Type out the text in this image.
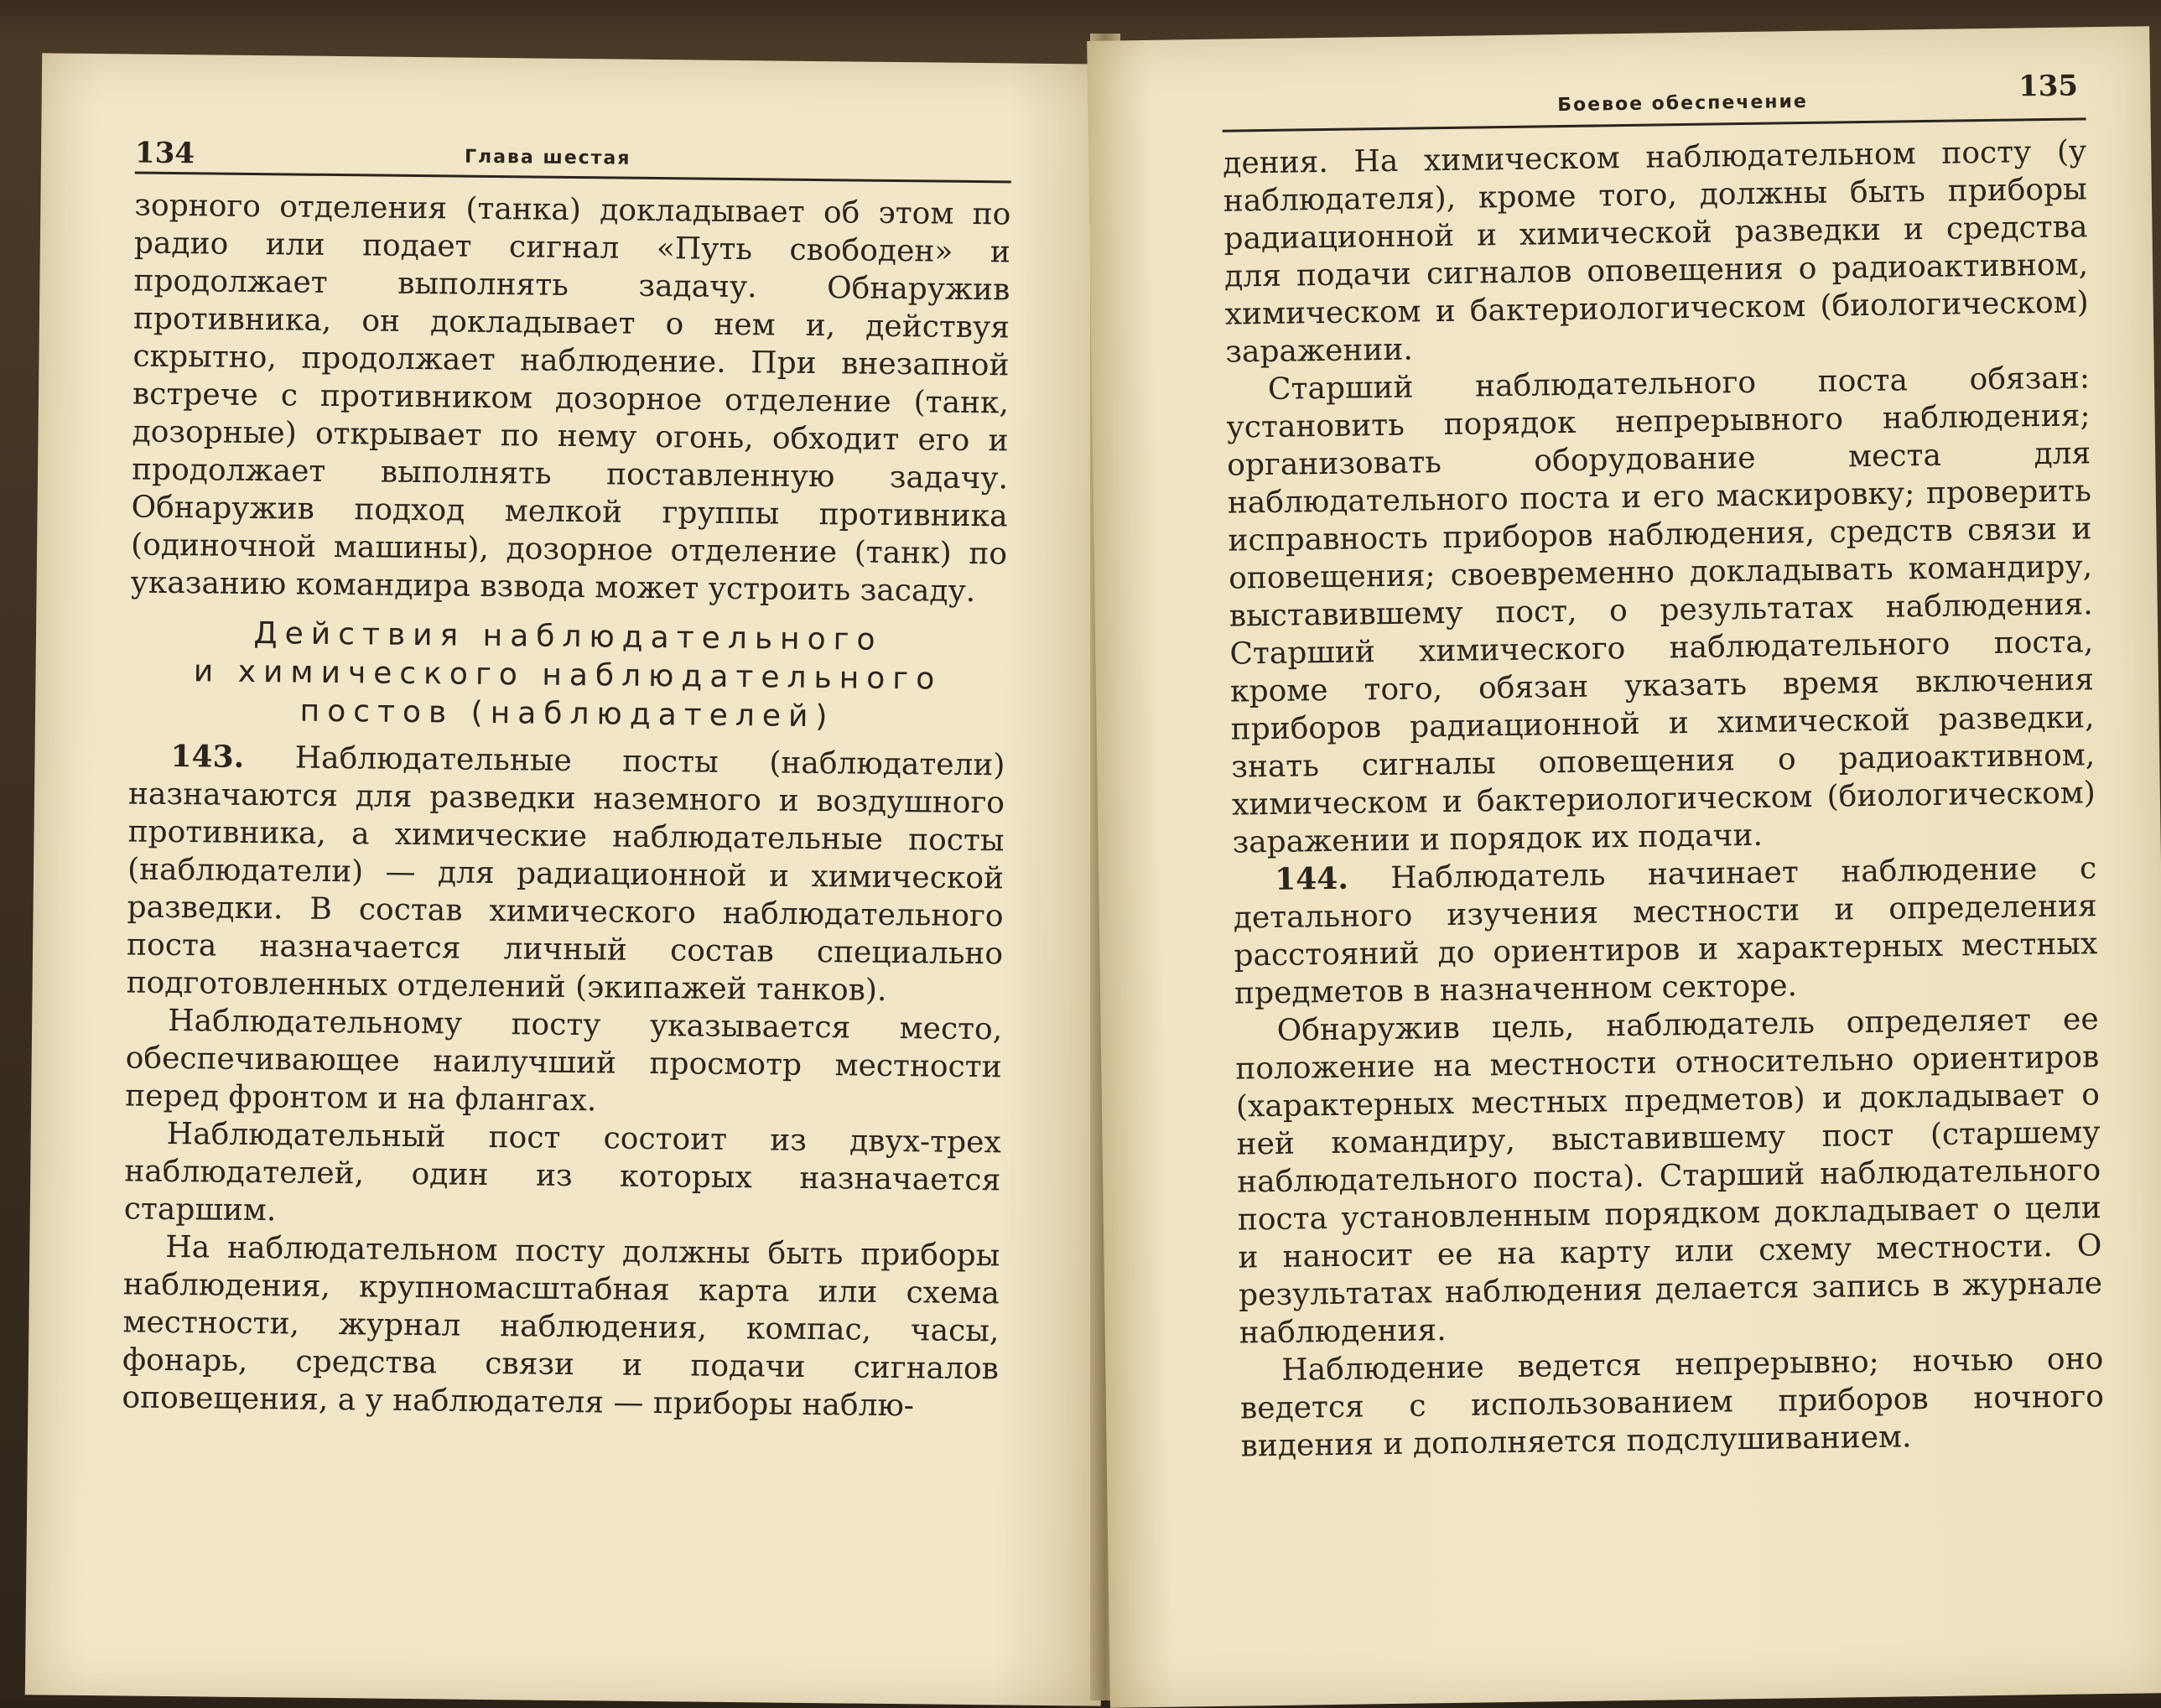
134	Глава шестая

зорного отделения (танка) докладывает об этом по радио или подает сигнал «Путь свободен» и продолжает выполнять задачу. Обнаружив противника, он докладывает о нем и, действуя скрытно, продолжает наблюдение. При внезапной встрече с противником дозорное отделение (танк, дозорные) открывает по нему огонь, обходит его и продолжает выполнять поставленную задачу. Обнаружив подход мелкой группы противника (одиночной машины), дозорное отделение (танк) по указанию командира взвода может устроить засаду.

Действия наблюдательного
и химического наблюдательного
постов (наблюдателей)

143. Наблюдательные посты (наблюдатели) назначаются для разведки наземного и воздушного противника, а химические наблюдательные посты (наблюдатели) — для радиационной и химической разведки. В состав химического наблюдательного поста назначается личный состав специально подготовленных отделений (экипажей танков).

Наблюдательному посту указывается место, обеспечивающее наилучший просмотр местности перед фронтом и на флангах.

Наблюдательный пост состоит из двух-трех наблюдателей, один из которых назначается старшим.

На наблюдательном посту должны быть приборы наблюдения, крупномасштабная карта или схема местности, журнал наблюдения, компас, часы, фонарь, средства связи и подачи сигналов оповещения, а у наблюдателя — приборы наблю-

Боевое обеспечение
135

дения. На химическом наблюдательном посту (у наблюдателя), кроме того, должны быть приборы радиационной и химической разведки и средства для подачи сигналов оповещения о радиоактивном, химическом и бактериологическом (биологическом) заражении.

Старший наблюдательного поста обязан: установить порядок непрерывного наблюдения; организовать оборудование места для наблюдательного поста и его маскировку; проверить исправность приборов наблюдения, средств связи и оповещения; своевременно докладывать командиру, выставившему пост, о результатах наблюдения. Старший химического наблюдательного поста, кроме того, обязан указать время включения приборов радиационной и химической разведки, знать сигналы оповещения о радиоактивном, химическом и бактериологическом (биологическом) заражении и порядок их подачи.

144. Наблюдатель начинает наблюдение с детального изучения местности и определения расстояний до ориентиров и характерных местных предметов в назначенном секторе.

Обнаружив цель, наблюдатель определяет ее положение на местности относительно ориентиров (характерных местных предметов) и докладывает о ней командиру, выставившему пост (старшему наблюдательного поста). Старший наблюдательного поста установленным порядком докладывает о цели и наносит ее на карту или схему местности. О результатах наблюдения делается запись в журнале наблюдения.

Наблюдение ведется непрерывно; ночью оно ведется с использованием приборов ночного видения и дополняется подслушиванием.
